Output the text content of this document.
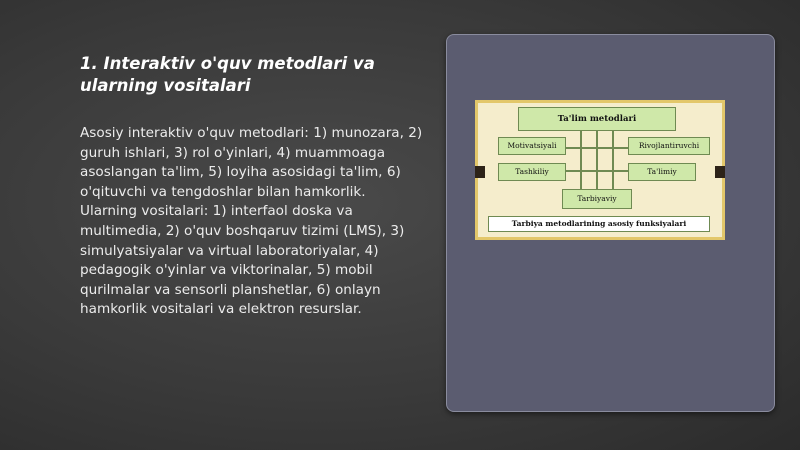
1. Interaktiv o'quv metodlari va ularning vositalari
Asosiy interaktiv o'quv metodlari: 1) munozara, 2) guruh ishlari, 3) rol o'yinlari, 4) muammoaga asoslangan ta'lim, 5) loyiha asosidagi ta'lim, 6) o'qituvchi va tengdoshlar bilan hamkorlik. Ularning vositalari: 1) interfaol doska va multimedia, 2) o'quv boshqaruv tizimi (LMS), 3) simulyatsiyalar va virtual laboratoriyalar, 4) pedagogik o'yinlar va viktorinalar, 5) mobil qurilmalar va sensorli planshetlar, 6) onlayn hamkorlik vositalari va elektron resurslar.
Ta'lim metodlari
Motivatsiyali	Rivojlantiruvchi
Tashkiliy	Ta'limiy
Tarbiyaviy
Tarbiya metodlarining asosiy funksiyalari
